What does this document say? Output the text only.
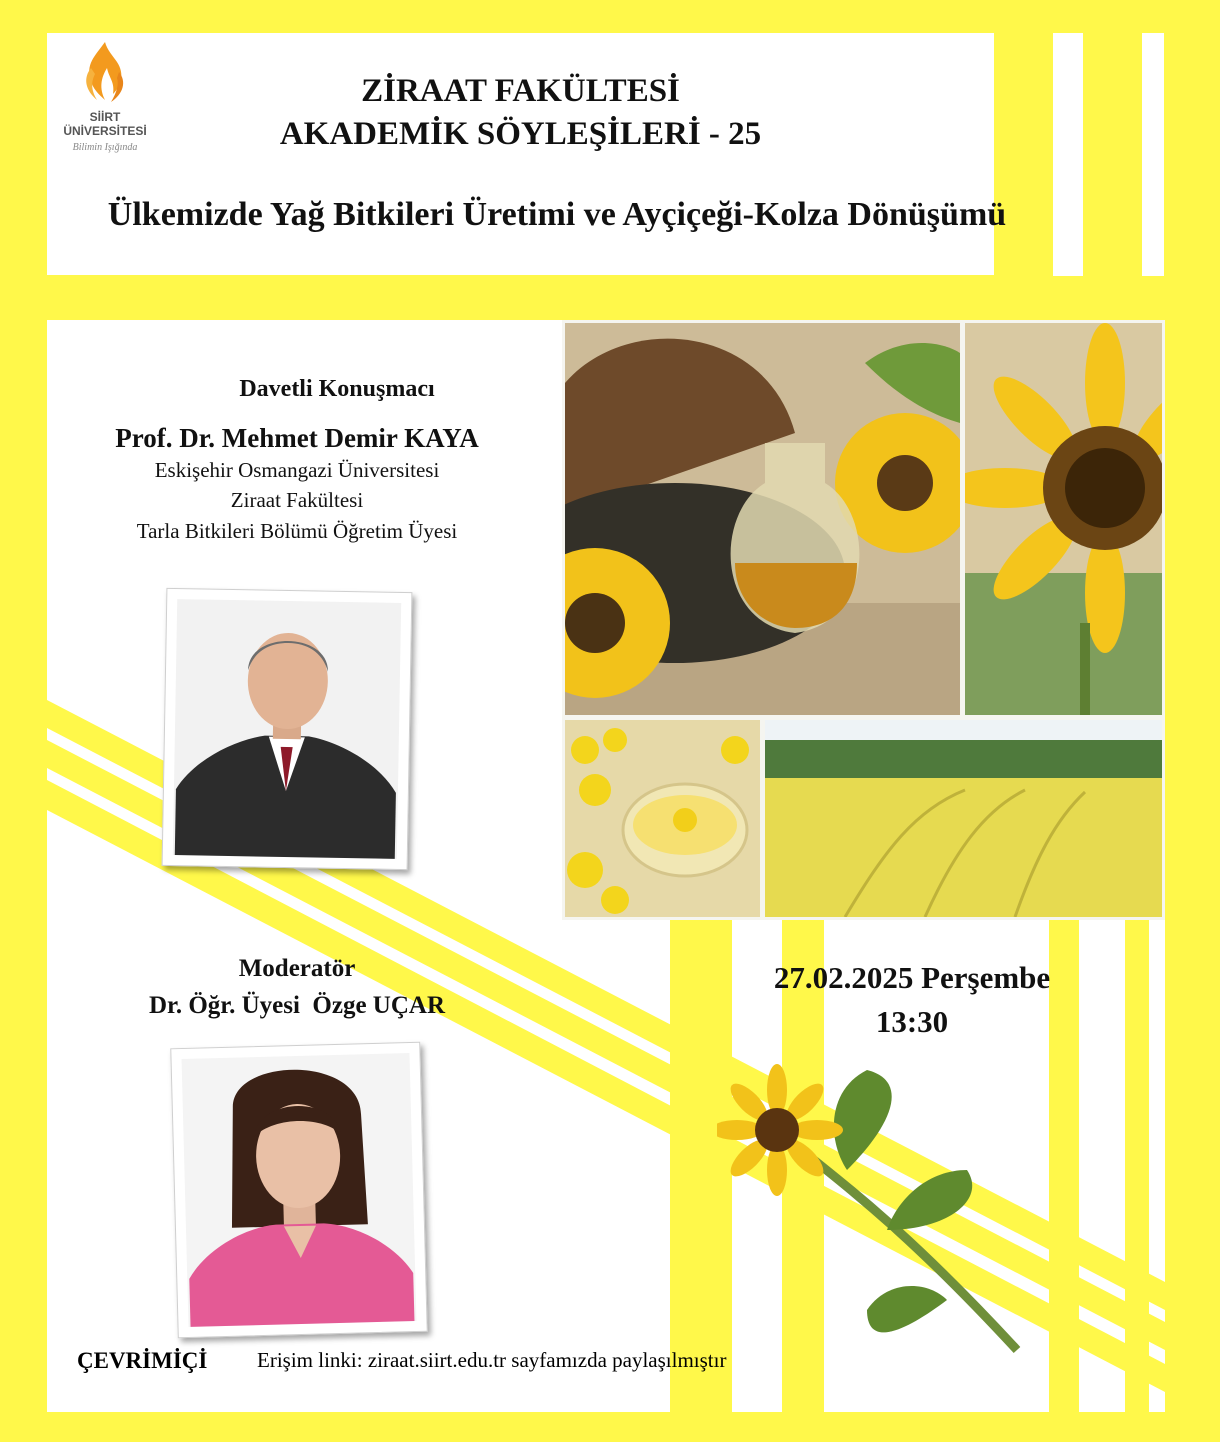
SİİRT
ÜNİVERSİTESİ
Bilimin Işığında
ZİRAAT FAKÜLTESİ
AKADEMİK SÖYLEŞİLERİ - 25
Ülkemizde Yağ Bitkileri Üretimi ve Ayçiçeği-Kolza Dönüşümü
Davetli Konuşmacı
Prof. Dr. Mehmet Demir KAYA
Eskişehir Osmangazi Üniversitesi
Ziraat Fakültesi
Tarla Bitkileri Bölümü Öğretim Üyesi
Moderatör
Dr. Öğr. Üyesi  Özge UÇAR
27.02.2025 Perşembe
13:30
ÇEVRİMİÇİ Erişim linki: ziraat.siirt.edu.tr sayfamızda paylaşılmıştır
